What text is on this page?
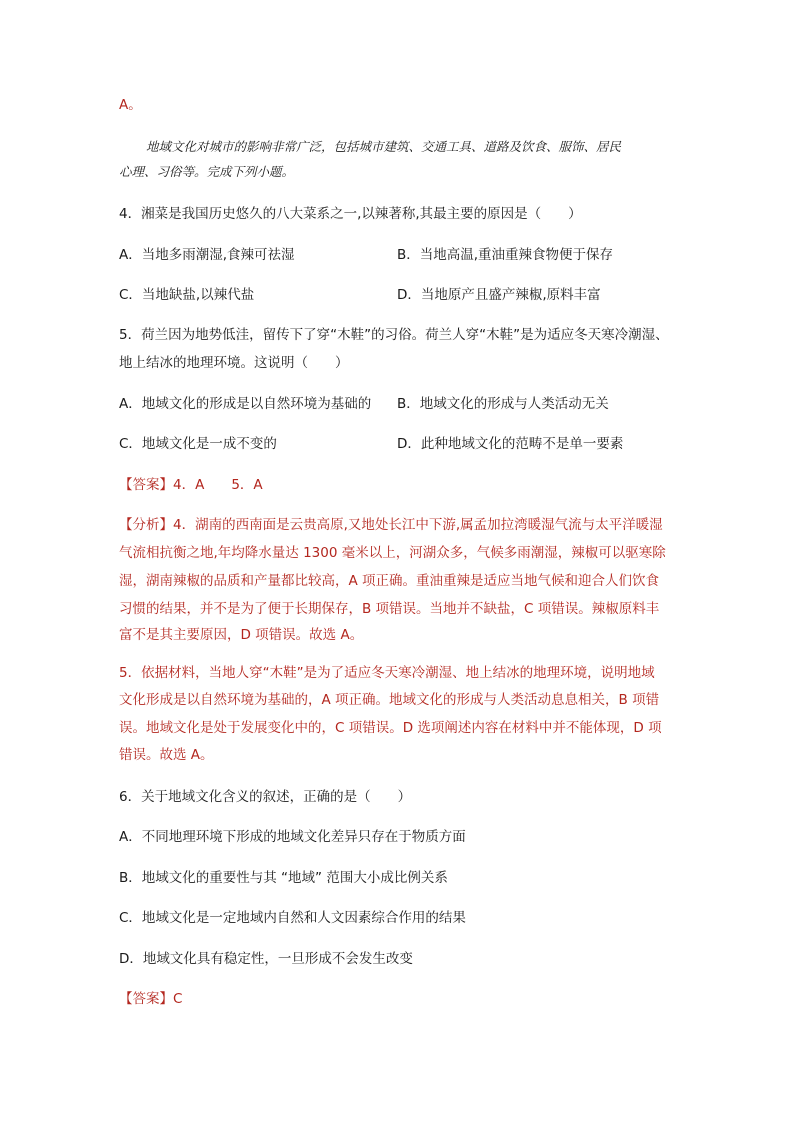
A。
地域文化对城市的影响非常广泛，包括城市建筑、交通工具、道路及饮食、服饰、居民
心理、习俗等。完成下列小题。
4．湘菜是我国历史悠久的八大菜系之一,以辣著称,其最主要的原因是（　　）
A．当地多雨潮湿,食辣可祛湿	B．当地高温,重油重辣食物便于保存
C．当地缺盐,以辣代盐	D．当地原产且盛产辣椒,原料丰富
5．荷兰因为地势低洼，留传下了穿“木鞋”的习俗。荷兰人穿“木鞋”是为适应冬天寒冷潮湿、
地上结冰的地理环境。这说明（　　）
A．地域文化的形成是以自然环境为基础的 B．地域文化的形成与人类活动无关
C．地域文化是一成不变的	D．此种地域文化的范畴不是单一要素
【答案】4．A　　5．A
【分析】4．湖南的西南面是云贵高原,又地处长江中下游,属孟加拉湾暖湿气流与太平洋暖湿
气流相抗衡之地,年均降水量达 1300 毫米以上，河湖众多，气候多雨潮湿，辣椒可以驱寒除
湿，湖南辣椒的品质和产量都比较高，A 项正确。重油重辣是适应当地气候和迎合人们饮食
习惯的结果，并不是为了便于长期保存，B 项错误。当地并不缺盐，C 项错误。辣椒原料丰
富不是其主要原因，D 项错误。故选 A。
5．依据材料，当地人穿“木鞋”是为了适应冬天寒冷潮湿、地上结冰的地理环境，说明地域
文化形成是以自然环境为基础的，A 项正确。地域文化的形成与人类活动息息相关，B 项错
误。地域文化是处于发展变化中的，C 项错误。D 选项阐述内容在材料中并不能体现，D 项
错误。故选 A。
6．关于地域文化含义的叙述，正确的是（　　）
A．不同地理环境下形成的地域文化差异只存在于物质方面
B．地域文化的重要性与其 “地域” 范围大小成比例关系
C．地域文化是一定地域内自然和人文因素综合作用的结果
D．地域文化具有稳定性，一旦形成不会发生改变
【答案】C
